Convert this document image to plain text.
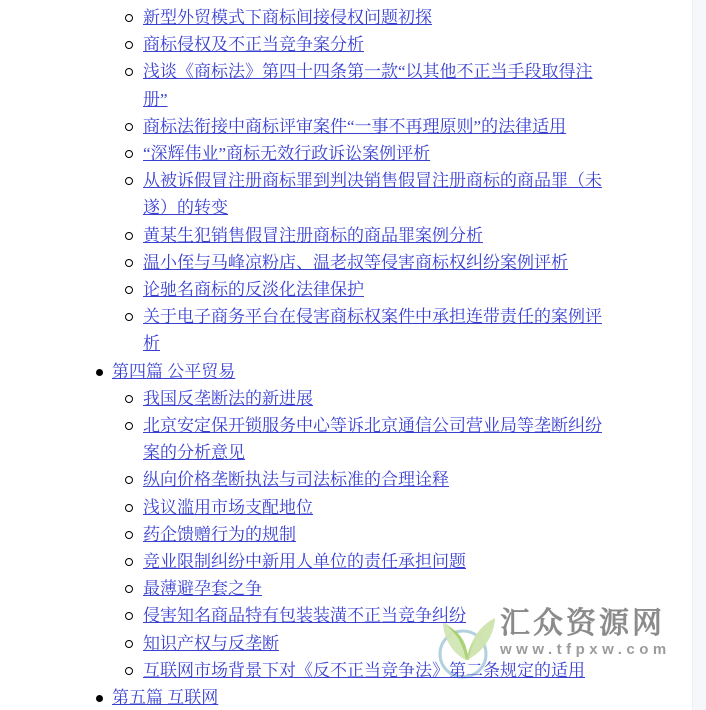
新型外贸模式下商标间接侵权问题初探
商标侵权及不正当竞争案分析
浅谈《商标法》第四十四条第一款“以其他不正当手段取得注册”
商标法衔接中商标评审案件“一事不再理原则”的法律适用
“深辉伟业”商标无效行政诉讼案例评析
从被诉假冒注册商标罪到判决销售假冒注册商标的商品罪（未遂）的转变
黄某生犯销售假冒注册商标的商品罪案例分析
温小侄与马峰凉粉店、温老叔等侵害商标权纠纷案例评析
论驰名商标的反淡化法律保护
关于电子商务平台在侵害商标权案件中承担连带责任的案例评析
第四篇 公平贸易
我国反垄断法的新进展
北京安定保开锁服务中心等诉北京通信公司营业局等垄断纠纷案的分析意见
纵向价格垄断执法与司法标准的合理诠释
浅议滥用市场支配地位
药企馈赠行为的规制
竞业限制纠纷中新用人单位的责任承担问题
最薄避孕套之争
侵害知名商品特有包装装潢不正当竞争纠纷
知识产权与反垄断
互联网市场背景下对《反不正当竞争法》第二条规定的适用
第五篇 互联网
汇众资源网
www.tfpxw.com
